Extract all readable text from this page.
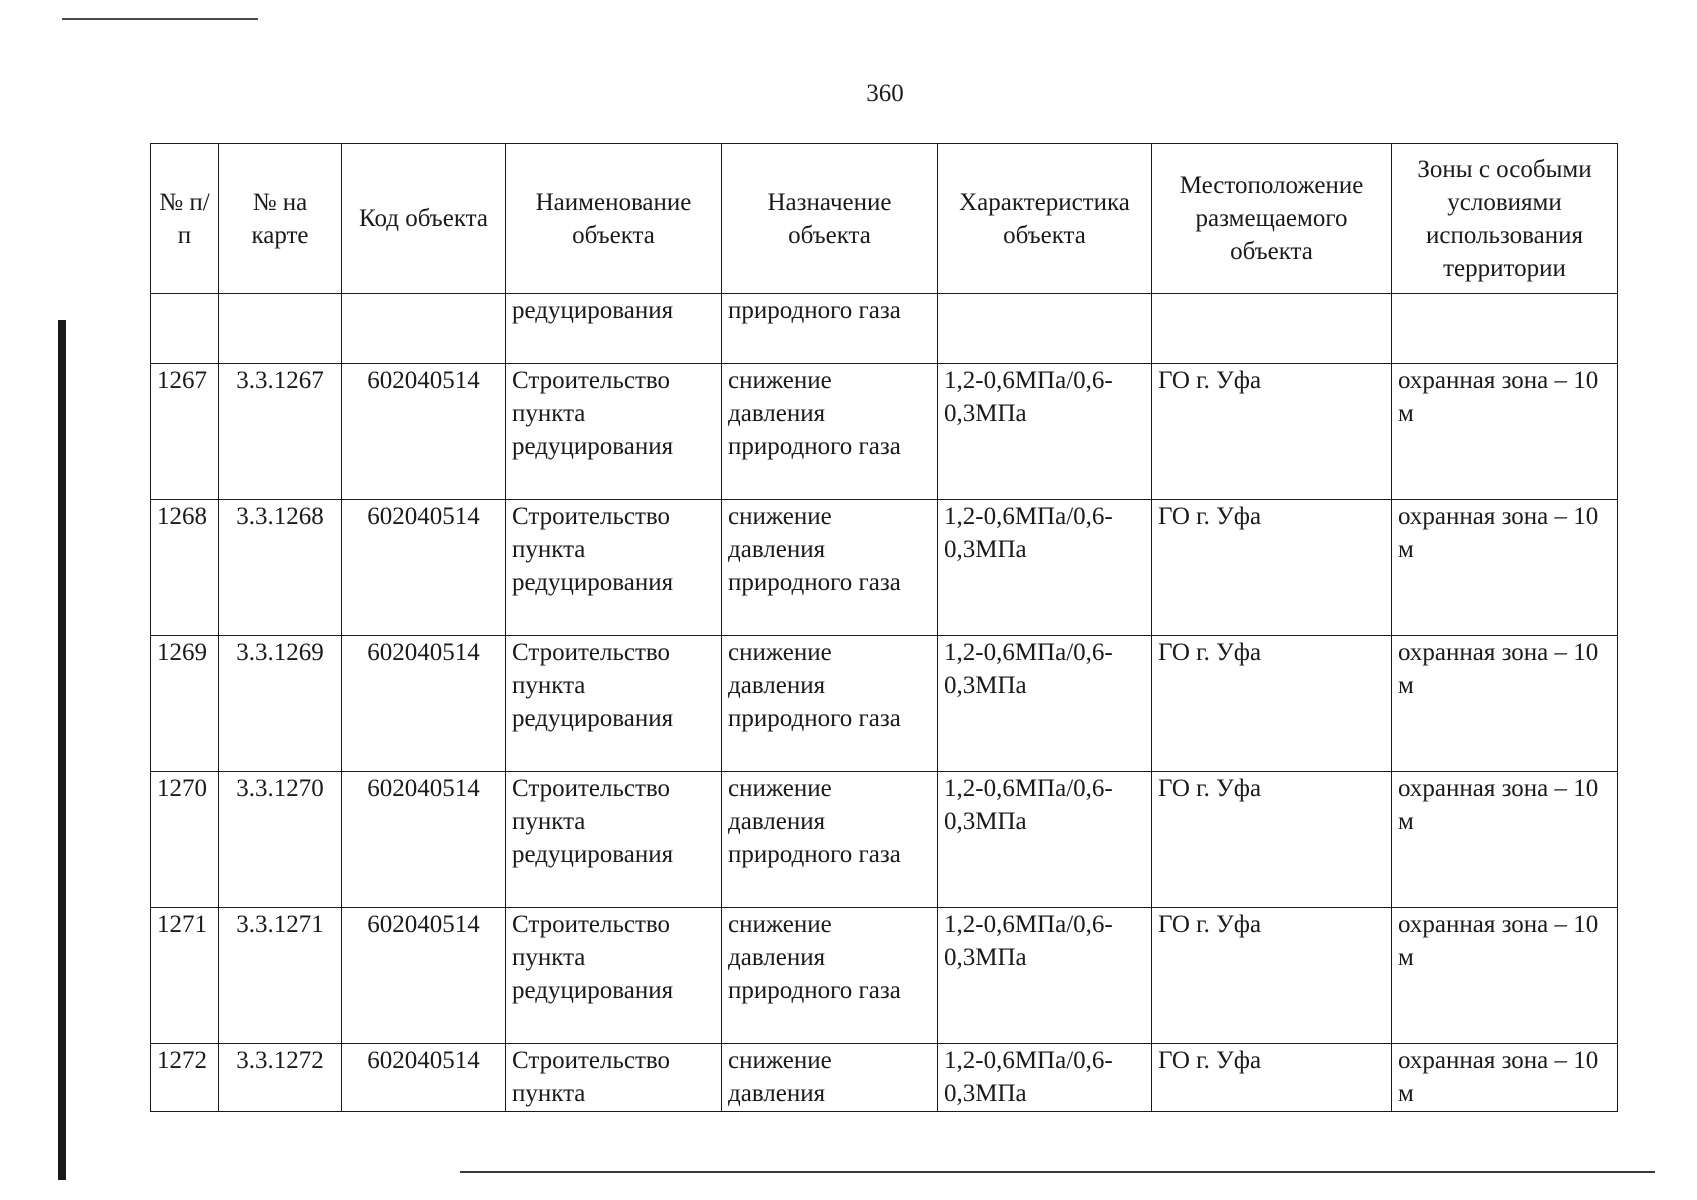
360
№ п/п	№ на карте	Код объекта	Наименование объекта	Назначение объекта	Характеристика объекта	Местоположение размещаемого объекта	Зоны с особыми условиями использования территории
			редуцирования	природного газа			
1267	3.3.1267	602040514	Строительство пункта редуцирования	снижение давления природного газа	1,2-0,6МПа/0,6-0,3МПа	ГО г. Уфа	охранная зона – 10 м
1268	3.3.1268	602040514	Строительство пункта редуцирования	снижение давления природного газа	1,2-0,6МПа/0,6-0,3МПа	ГО г. Уфа	охранная зона – 10 м
1269	3.3.1269	602040514	Строительство пункта редуцирования	снижение давления природного газа	1,2-0,6МПа/0,6-0,3МПа	ГО г. Уфа	охранная зона – 10 м
1270	3.3.1270	602040514	Строительство пункта редуцирования	снижение давления природного газа	1,2-0,6МПа/0,6-0,3МПа	ГО г. Уфа	охранная зона – 10 м
1271	3.3.1271	602040514	Строительство пункта редуцирования	снижение давления природного газа	1,2-0,6МПа/0,6-0,3МПа	ГО г. Уфа	охранная зона – 10 м
1272	3.3.1272	602040514	Строительство пункта	снижение давления	1,2-0,6МПа/0,6-0,3МПа	ГО г. Уфа	охранная зона – 10 м
